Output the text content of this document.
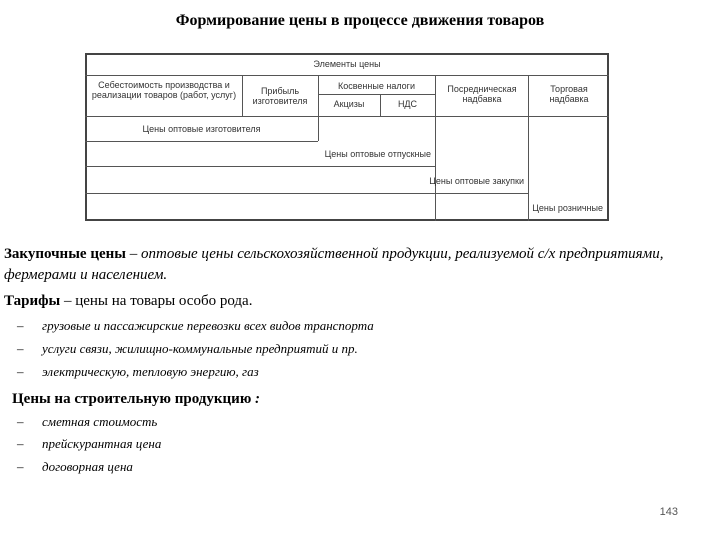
Формирование цены в процессе движения товаров
Элементы цены
Себестоимость производства и реализации товаров (работ, услуг)	Прибыль изготовителя
Косвенные налоги
Акцизы	НДС
Посредническая надбавка
Торговая надбавка
Цены оптовые изготовителя
Цены оптовые отпускные
Цены оптовые закупки
Цены розничные
Закупочные цены – оптовые цены сельскохозяйственной продукции, реализуемой с/х предприятиями, фермерами и населением.
Тарифы – цены на товары особо рода.
– грузовые и пассажирские перевозки всех видов транспорта
– услуги связи, жилищно-коммунальные предприятий и пр.
– электрическую, тепловую энергию, газ
Цены на строительную продукцию :
– сметная стоимость
– прейскурантная цена
– договорная цена
143
